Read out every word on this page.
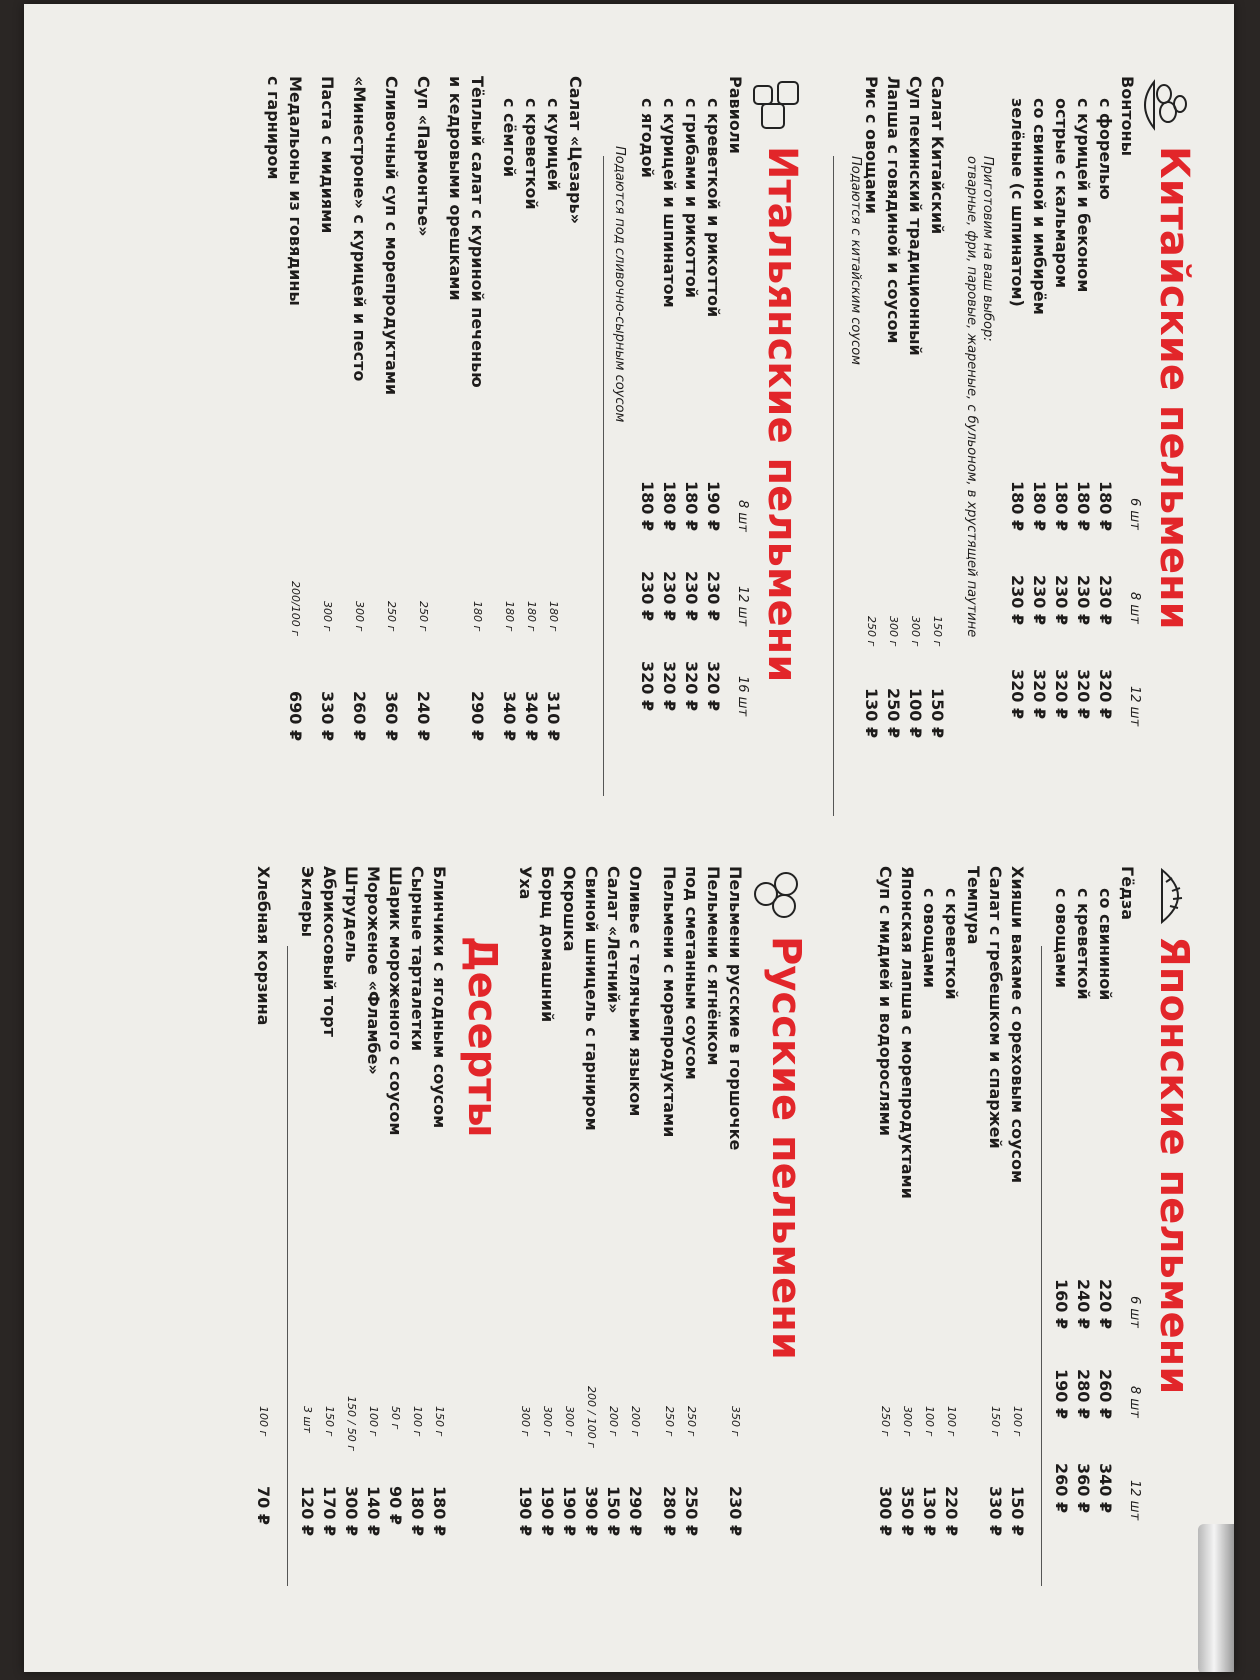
Китайские пельмени
6 шт
8 шт
12 шт
Вонтоны
с форелью
180 ₽
230 ₽
320 ₽
с курицей и беконом
180 ₽
230 ₽
320 ₽
острые с кальмаром
180 ₽
230 ₽
320 ₽
со свининой и имбирём
180 ₽
230 ₽
320 ₽
зелёные (с шпинатом)
180 ₽
230 ₽
320 ₽
Приготовим на ваш выбор:
отварные, фри, паровые, жареные, с бульоном, в хрустящей паутине
Салат Китайский
150 г
150 ₽
Суп пекинский традиционный
300 г
100 ₽
Лапша с говядиной и соусом
300 г
250 ₽
Рис с овощами
250 г
130 ₽
Подаются с китайским соусом
Итальянские пельмени
8 шт
12 шт
16 шт
Равиоли
с креветкой и рикоттой
190 ₽
230 ₽
320 ₽
с грибами и рикоттой
180 ₽
230 ₽
320 ₽
с курицей и шпинатом
180 ₽
230 ₽
320 ₽
с ягодой
180 ₽
230 ₽
320 ₽
Подаются под сливочно-сырным соусом
Салат «Цезарь»
с курицей
180 г
310 ₽
с креветкой
180 г
340 ₽
с сёмгой
180 г
340 ₽
Тёплый салат с куриной печенью
180 г
290 ₽
и кедровыми орешками
Суп «Пармонтье»
250 г
240 ₽
Сливочный суп с морепродуктами
250 г
360 ₽
«Минестроне» с курицей и песто
300 г
260 ₽
Паста с мидиями
300 г
330 ₽
Медальоны из говядины
200/100 г
690 ₽
с гарниром
Японские пельмени
6 шт
8 шт
12 шт
Гёдза
со свининой
220 ₽
260 ₽
340 ₽
с креветкой
240 ₽
280 ₽
360 ₽
с овощами
160 ₽
190 ₽
260 ₽
Хияши вакаме с ореховым соусом
100 г
150 ₽
Салат с гребешком и спаржей
150 г
330 ₽
Темпура
с креветкой
100 г
220 ₽
с овощами
100 г
130 ₽
Японская лапша с морепродуктами
300 г
350 ₽
Суп с мидией и водорослями
250 г
300 ₽
Русские пельмени
Пельмени русские в горшочке
350 г
230 ₽
Пельмени с ягнёнком
под сметанным соусом
250 г
250 ₽
Пельмени с морепродуктами
250 г
280 ₽
Оливье с телячьим языком
200 г
290 ₽
Салат «Летний»
200 г
150 ₽
Свиной шницель с гарниром
200 / 100 г
390 ₽
Окрошка
300 г
190 ₽
Борщ домашний
300 г
190 ₽
Уха
300 г
190 ₽
Десерты
Блинчики с ягодным соусом
150 г
180 ₽
Сырные тарталетки
100 г
180 ₽
Шарик мороженого с соусом
50 г
90 ₽
Мороженое «Фламбе»
100 г
140 ₽
Штрудель
150 / 50 г
300 ₽
Абрикосовый торт
150 г
170 ₽
Эклеры
3 шт
120 ₽
Хлебная корзина
100 г
70 ₽
